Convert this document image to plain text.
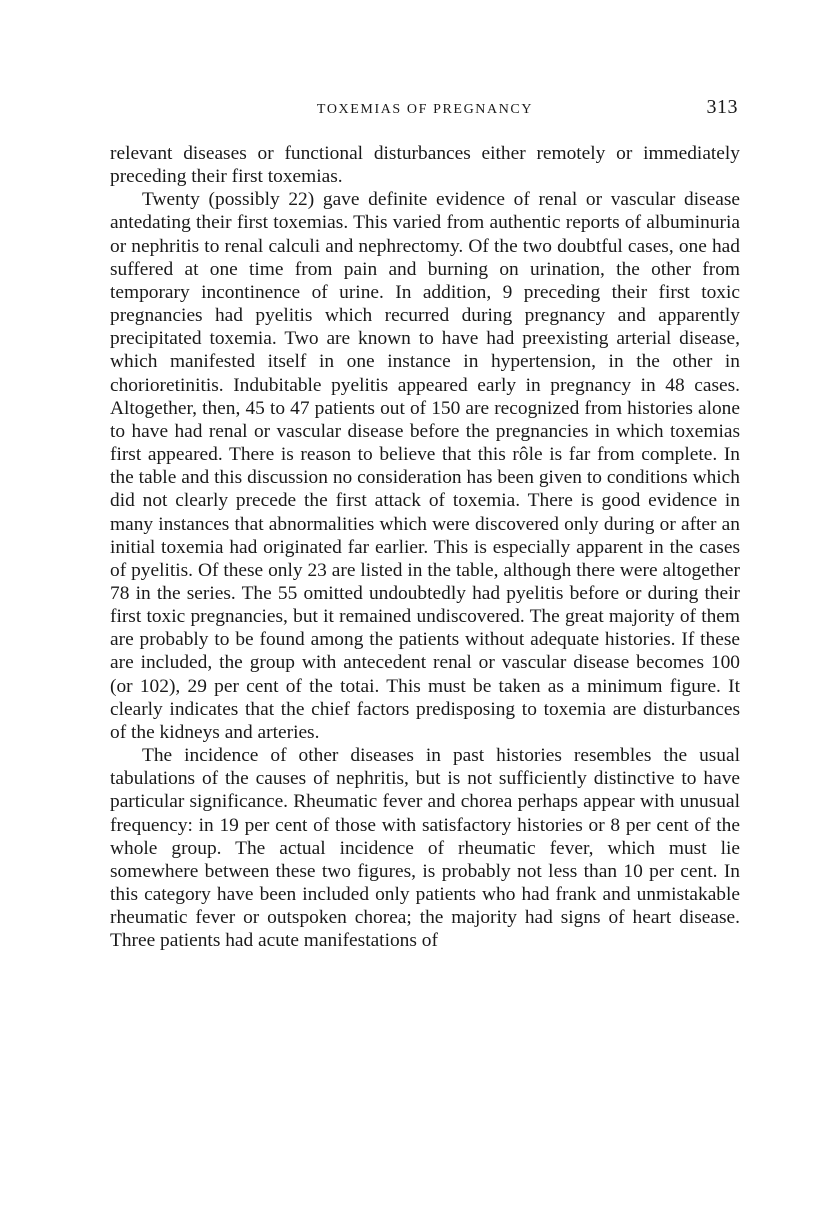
TOXEMIAS OF PREGNANCY	313

relevant diseases or functional disturbances either remotely or immediately preceding their first toxemias.

Twenty (possibly 22) gave definite evidence of renal or vascular disease antedating their first toxemias. This varied from authentic reports of albuminuria or nephritis to renal calculi and nephrectomy. Of the two doubtful cases, one had suffered at one time from pain and burning on urination, the other from temporary incontinence of urine. In addition, 9 preceding their first toxic pregnancies had pyelitis which recurred during pregnancy and apparently precipitated toxemia. Two are known to have had preexisting arterial disease, which manifested itself in one instance in hypertension, in the other in chorioretinitis. Indubitable pyelitis appeared early in pregnancy in 48 cases. Altogether, then, 45 to 47 patients out of 150 are recognized from histories alone to have had renal or vascular disease before the pregnancies in which toxemias first appeared. There is reason to believe that this rôle is far from complete. In the table and this discussion no consideration has been given to conditions which did not clearly precede the first attack of toxemia. There is good evidence in many instances that abnormalities which were discovered only during or after an initial toxemia had originated far earlier. This is especially apparent in the cases of pyelitis. Of these only 23 are listed in the table, although there were altogether 78 in the series. The 55 omitted undoubtedly had pyelitis before or during their first toxic pregnancies, but it remained undiscovered. The great majority of them are probably to be found among the patients without adequate histories. If these are included, the group with antecedent renal or vascular disease becomes 100 (or 102), 29 per cent of the totai. This must be taken as a minimum figure. It clearly indicates that the chief factors predisposing to toxemia are disturbances of the kidneys and arteries.

The incidence of other diseases in past histories resembles the usual tabulations of the causes of nephritis, but is not sufficiently distinctive to have particular significance. Rheumatic fever and chorea perhaps appear with unusual frequency: in 19 per cent of those with satisfactory histories or 8 per cent of the whole group. The actual incidence of rheumatic fever, which must lie somewhere between these two figures, is probably not less than 10 per cent. In this category have been included only patients who had frank and unmistakable rheumatic fever or outspoken chorea; the majority had signs of heart disease. Three patients had acute manifestations of
